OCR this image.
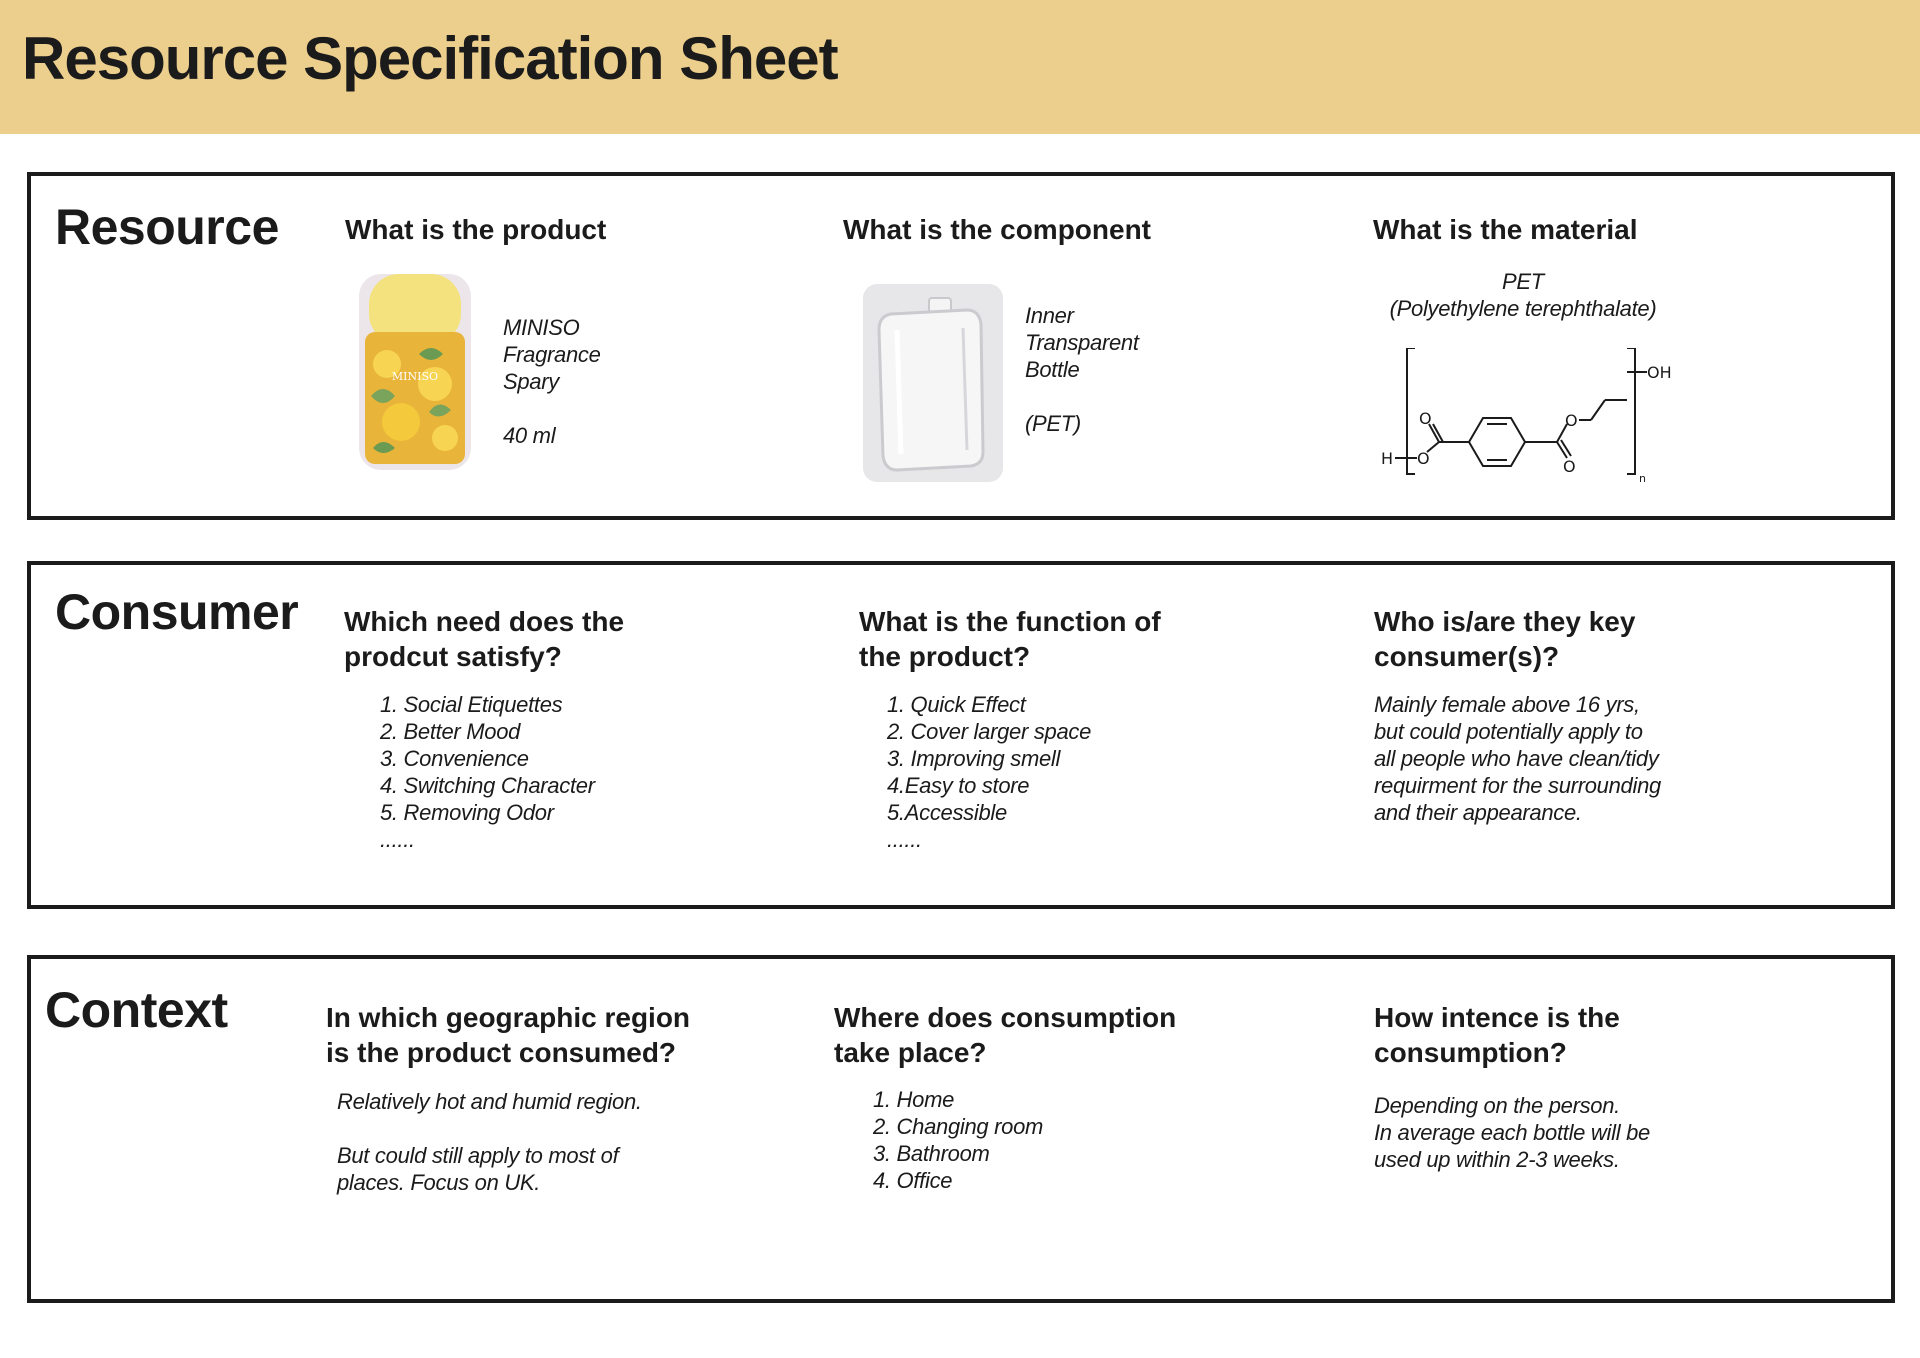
Resource Specification Sheet
Resource What is the product
MINISO
MINISO
Fragrance
Spary

40 ml
What is the component
Inner
Transparent
Bottle

(PET)
What is the material
PET
(Polyethylene terephthalate)
H O
O
O
O
OH
n
Consumer Which need does the
prodcut satisfy?
1. Social Etiquettes
2. Better Mood
3. Convenience
4. Switching Character
5. Removing Odor
......
What is the function of
the product?
1. Quick Effect
2. Cover larger space
3. Improving smell
4.Easy to store
5.Accessible
......
Who is/are they key
consumer(s)?
Mainly female above 16 yrs,
but could potentially apply to
all people who have clean/tidy
requirment for the surrounding
and their appearance.
Context	In which geographic region
is the product consumed?
Relatively hot and humid region.

But could still apply to most of
places. Focus on UK.
Where does consumption
take place?
1. Home
2. Changing room
3. Bathroom
4. Office
How intence is the
consumption?
Depending on the person.
In average each bottle will be
used up within 2-3 weeks.
